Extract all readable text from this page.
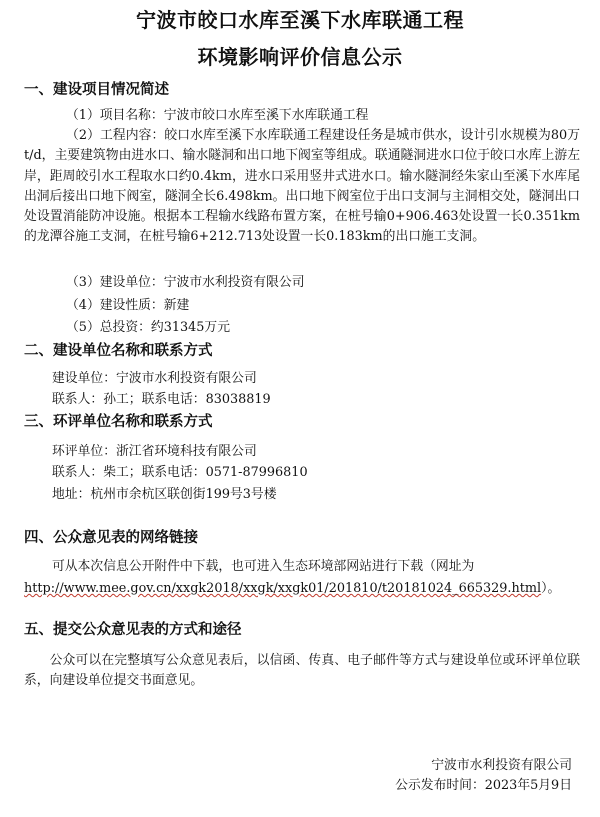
宁波市皎口水库至溪下水库联通工程
环境影响评价信息公示
一、建设项目情况简述
（1）项目名称：宁波市皎口水库至溪下水库联通工程
（2）工程内容：皎口水库至溪下水库联通工程建设任务是城市供水，设计引水规模为80万t/d，主要建筑物由进水口、输水隧洞和出口地下阀室等组成。联通隧洞进水口位于皎口水库上游左岸，距周皎引水工程取水口约0.4km，进水口采用竖井式进水口。输水隧洞经朱家山至溪下水库尾出洞后接出口地下阀室，隧洞全长6.498km。出口地下阀室位于出口支洞与主洞相交处，隧洞出口处设置消能防冲设施。根据本工程输水线路布置方案，在桩号输0+906.463处设置一长0.351km的龙潭谷施工支洞，在桩号输6+212.713处设置一长0.183km的出口施工支洞。
（3）建设单位：宁波市水利投资有限公司
（4）建设性质：新建
（5）总投资：约31345万元
二、建设单位名称和联系方式
建设单位：宁波市水利投资有限公司
联系人：孙工；联系电话：83038819
三、环评单位名称和联系方式
环评单位：浙江省环境科技有限公司
联系人：柴工；联系电话：0571-87996810
地址：杭州市余杭区联创街199号3号楼
四、公众意见表的网络链接
可从本次信息公开附件中下载，也可进入生态环境部网站进行下载（网址为
http://www.mee.gov.cn/xxgk2018/xxgk/xxgk01/201810/t20181024_665329.html）。
五、提交公众意见表的方式和途径
公众可以在完整填写公众意见表后，以信函、传真、电子邮件等方式与建设单位或环评单位联系，向建设单位提交书面意见。
宁波市水利投资有限公司
公示发布时间：2023年5月9日
